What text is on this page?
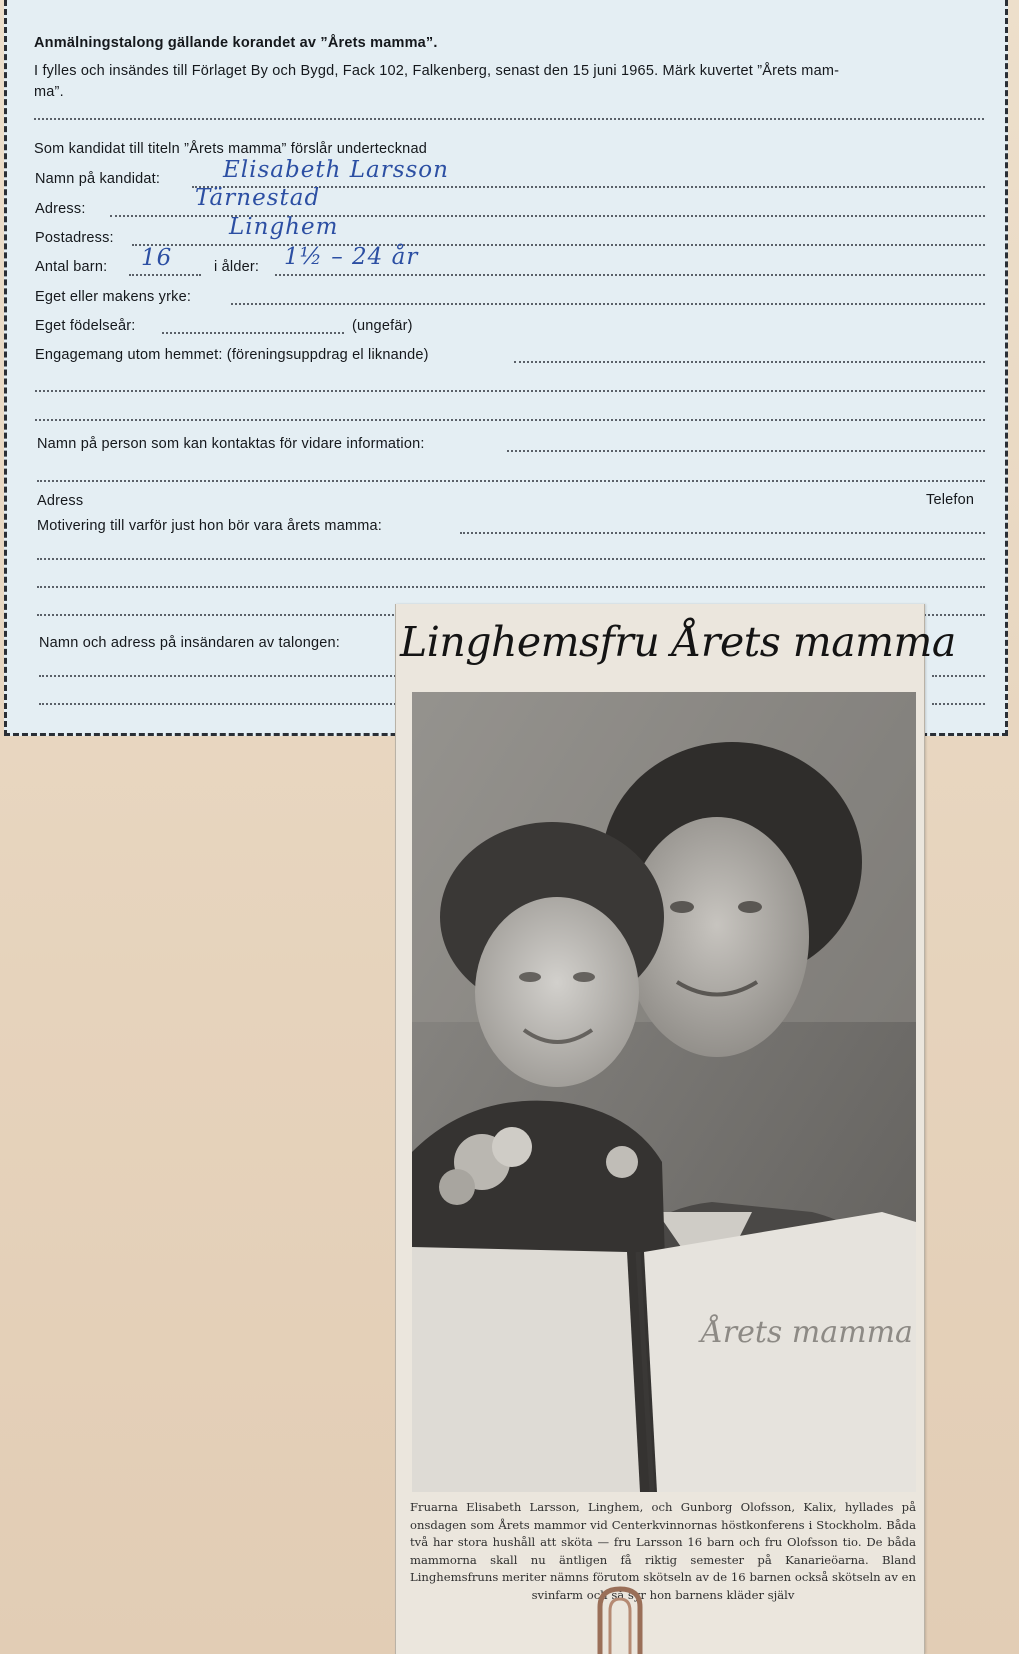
Anmälningstalong gällande korandet av ”Årets mamma”.
I fylles och insändes till Förlaget By och Bygd, Fack 102, Falkenberg, senast den 15 juni 1965. Märk kuvertet ”Årets mam-
ma”.
Som kandidat till titeln ”Årets mamma” förslår undertecknad
Namn på kandidat:	Elisabeth Larsson
Adress:	Tärnestad
Postadress:	Linghem
Antal barn: 16	i ålder: 1½ – 24 år
Eget eller makens yrke:
Eget födelseår:	(ungefär)
Engagemang utom hemmet: (föreningsuppdrag el liknande)
Namn på person som kan kontaktas för vidare information:
Adress	Telefon
Motivering till varför just hon bör vara årets mamma:
Namn och adress på insändaren av talongen: Linghemsfru Årets mamma
Årets mamma
Fruarna Elisabeth Larsson, Linghem, och Gunborg Olofsson, Kalix, hyllades på onsdagen som Årets mammor vid Centerkvinnornas höstkonferens i Stockholm. Båda två har stora hushåll att sköta — fru Larsson 16 barn och fru Olofsson tio. De båda mammorna skall nu äntligen få riktig semester på Kanarieöarna. Bland Linghemsfruns meriter nämns förutom skötseln av de 16 barnen också skötseln av en svinfarm och så syr hon barnens kläder själv
